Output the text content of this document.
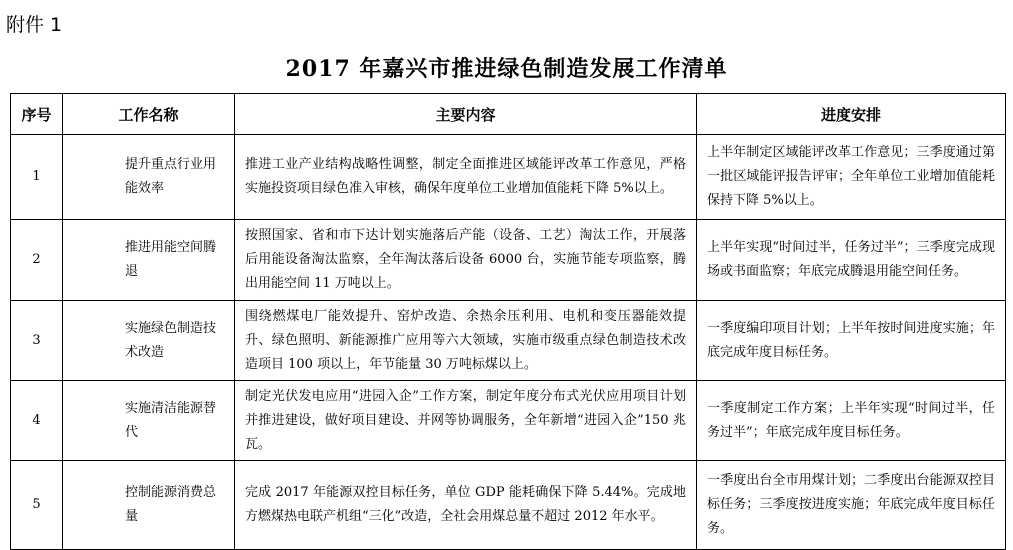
附件 1
2017 年嘉兴市推进绿色制造发展工作清单
序号	工作名称	主要内容	进度安排
1	提升重点行业用能效率	推进工业产业结构战略性调整，制定全面推进区域能评改革工作意见，严格实施投资项目绿色准入审核，确保年度单位工业增加值能耗下降 5%以上。	上半年制定区域能评改革工作意见；三季度通过第一批区域能评报告评审；全年单位工业增加值能耗保持下降 5%以上。
2	推进用能空间腾退	按照国家、省和市下达计划实施落后产能（设备、工艺）淘汰工作，开展落后用能设备淘汰监察，全年淘汰落后设备 6000 台，实施节能专项监察，腾出用能空间 11 万吨以上。	上半年实现“时间过半，任务过半”；三季度完成现场或书面监察；年底完成腾退用能空间任务。
3	实施绿色制造技术改造	围绕燃煤电厂能效提升、窑炉改造、余热余压利用、电机和变压器能效提升、绿色照明、新能源推广应用等六大领域，实施市级重点绿色制造技术改造项目 100 项以上，年节能量 30 万吨标煤以上。	一季度编印项目计划；上半年按时间进度实施；年底完成年度目标任务。
4	实施清洁能源替代	制定光伏发电应用“进园入企”工作方案，制定年度分布式光伏应用项目计划并推进建设，做好项目建设、并网等协调服务，全年新增“进园入企”150 兆瓦。	一季度制定工作方案；上半年实现“时间过半，任务过半”；年底完成年度目标任务。
5	控制能源消费总量	完成 2017 年能源双控目标任务，单位 GDP 能耗确保下降 5.44%。完成地方燃煤热电联产机组“三化”改造，全社会用煤总量不超过 2012 年水平。	一季度出台全市用煤计划；二季度出台能源双控目标任务；三季度按进度实施；年底完成年度目标任务。
